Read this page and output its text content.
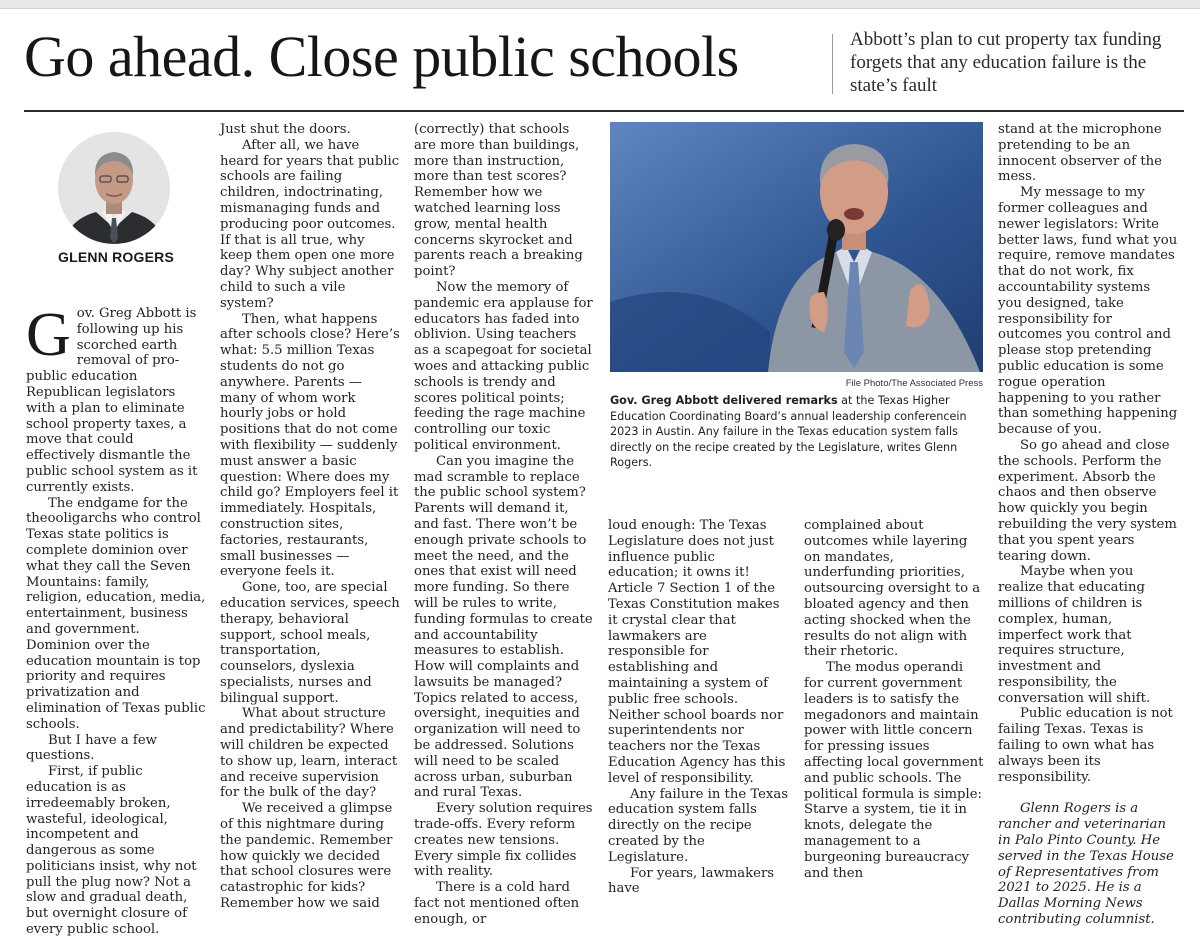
Go ahead. Close public schools	Abbott’s plan to cut property tax funding forgets that any education failure is the state’s fault
GLENN ROGERS

Gov. Greg Abbott is following up his scorched earth removal of pro-public education Republican legislators with a plan to eliminate school property taxes, a move that could effectively dismantle the public school system as it currently exists.

The endgame for the theooligarchs who control Texas state politics is complete dominion over what they call the Seven Mountains: family, religion, education, media, entertainment, business and government. Dominion over the education mountain is top priority and requires privatization and elimination of Texas public schools.

But I have a few questions.

First, if public education is as irredeemably broken, wasteful, ideological, incompetent and dangerous as some politicians insist, why not pull the plug now? Not a slow and gradual death, but overnight closure of every public school.

Just shut the doors.

After all, we have heard for years that public schools are failing children, indoctrinating, mismanaging funds and producing poor outcomes. If that is all true, why keep them open one more day? Why subject another child to such a vile system?

Then, what happens after schools close? Here’s what: 5.5 million Texas students do not go anywhere. Parents — many of whom work hourly jobs or hold positions that do not come with flexibility — suddenly must answer a basic question: Where does my child go? Employers feel it immediately. Hospitals, construction sites, factories, restaurants, small businesses — everyone feels it.

Gone, too, are special education services, speech therapy, behavioral support, school meals, transportation, counselors, dyslexia specialists, nurses and bilingual support.

What about structure and predictability? Where will children be expected to show up, learn, interact and receive supervision for the bulk of the day?

We received a glimpse of this nightmare during the pandemic. Remember how quickly we decided that school closures were catastrophic for kids? Remember how we said

(correctly) that schools are more than buildings, more than instruction, more than test scores? Remember how we watched learning loss grow, mental health concerns skyrocket and parents reach a breaking point?

Now the memory of pandemic era applause for educators has faded into oblivion. Using teachers as a scapegoat for societal woes and attacking public schools is trendy and scores political points; feeding the rage machine controlling our toxic political environment.

Can you imagine the mad scramble to replace the public school system? Parents will demand it, and fast. There won’t be enough private schools to meet the need, and the ones that exist will need more funding. So there will be rules to write, funding formulas to create and accountability measures to establish. How will complaints and lawsuits be managed? Topics related to access, oversight, inequities and organization will need to be addressed. Solutions will need to be scaled across urban, suburban and rural Texas.

Every solution requires trade-offs. Every reform creates new tensions. Every simple fix collides with reality.

There is a cold hard fact not mentioned often enough, or

File Photo/The Associated Press
Gov. Greg Abbott delivered remarks at the Texas Higher Education Coordinating Board’s annual leadership conferencein 2023 in Austin. Any failure in the Texas education system falls directly on the recipe created by the Legislature, writes Glenn Rogers.

loud enough: The Texas Legislature does not just influence public education; it owns it! Article 7 Section 1 of the Texas Constitution makes it crystal clear that lawmakers are responsible for establishing and maintaining a system of public free schools. Neither school boards nor superintendents nor teachers nor the Texas Education Agency has this level of responsibility.

Any failure in the Texas education system falls directly on the recipe created by the Legislature.

For years, lawmakers have

complained about outcomes while layering on mandates, underfunding priorities, outsourcing oversight to a bloated agency and then acting shocked when the results do not align with their rhetoric.

The modus operandi for current government leaders is to satisfy the megadonors and maintain power with little concern for pressing issues affecting local government and public schools. The political formula is simple: Starve a system, tie it in knots, delegate the management to a burgeoning bureaucracy and then

stand at the microphone pretending to be an innocent observer of the mess.

My message to my former colleagues and newer legislators: Write better laws, fund what you require, remove mandates that do not work, fix accountability systems you designed, take responsibility for outcomes you control and please stop pretending public education is some rogue operation happening to you rather than something happening because of you.

So go ahead and close the schools. Perform the experiment. Absorb the chaos and then observe how quickly you begin rebuilding the very system that you spent years tearing down.

Maybe when you realize that educating millions of children is complex, human, imperfect work that requires structure, investment and responsibility, the conversation will shift.

Public education is not failing Texas. Texas is failing to own what has always been its responsibility.

Glenn Rogers is a rancher and veterinarian in Palo Pinto County. He served in the Texas House of Representatives from 2021 to 2025. He is a Dallas Morning News contributing columnist.
